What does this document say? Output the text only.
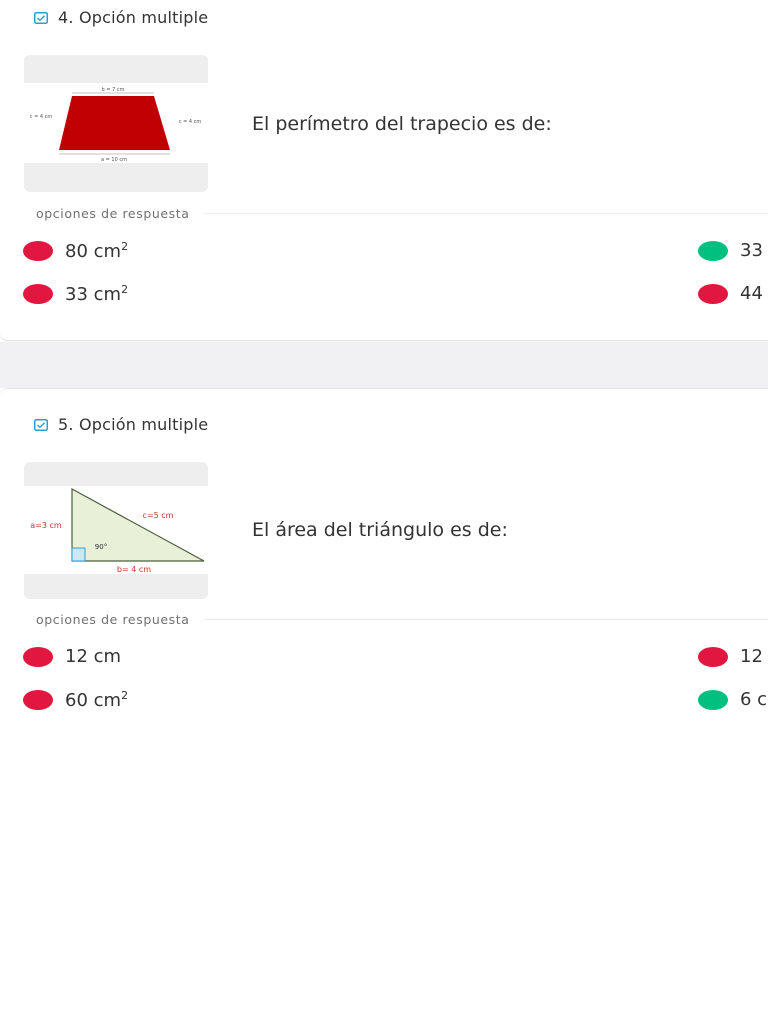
4. Opción multiple
b = 7 cm
c = 4 cm
c = 4 cm
a = 10 cm
El perímetro del trapecio es de:
opciones de respuesta
80 $cm^2$	33
33 $cm^2$	44
5. Opción multiple
a=3 cm
c=5 cm
b= 4 cm
90°
El área del triángulo es de:
opciones de respuesta
12 cm	12
60 $cm^2$	6 c
